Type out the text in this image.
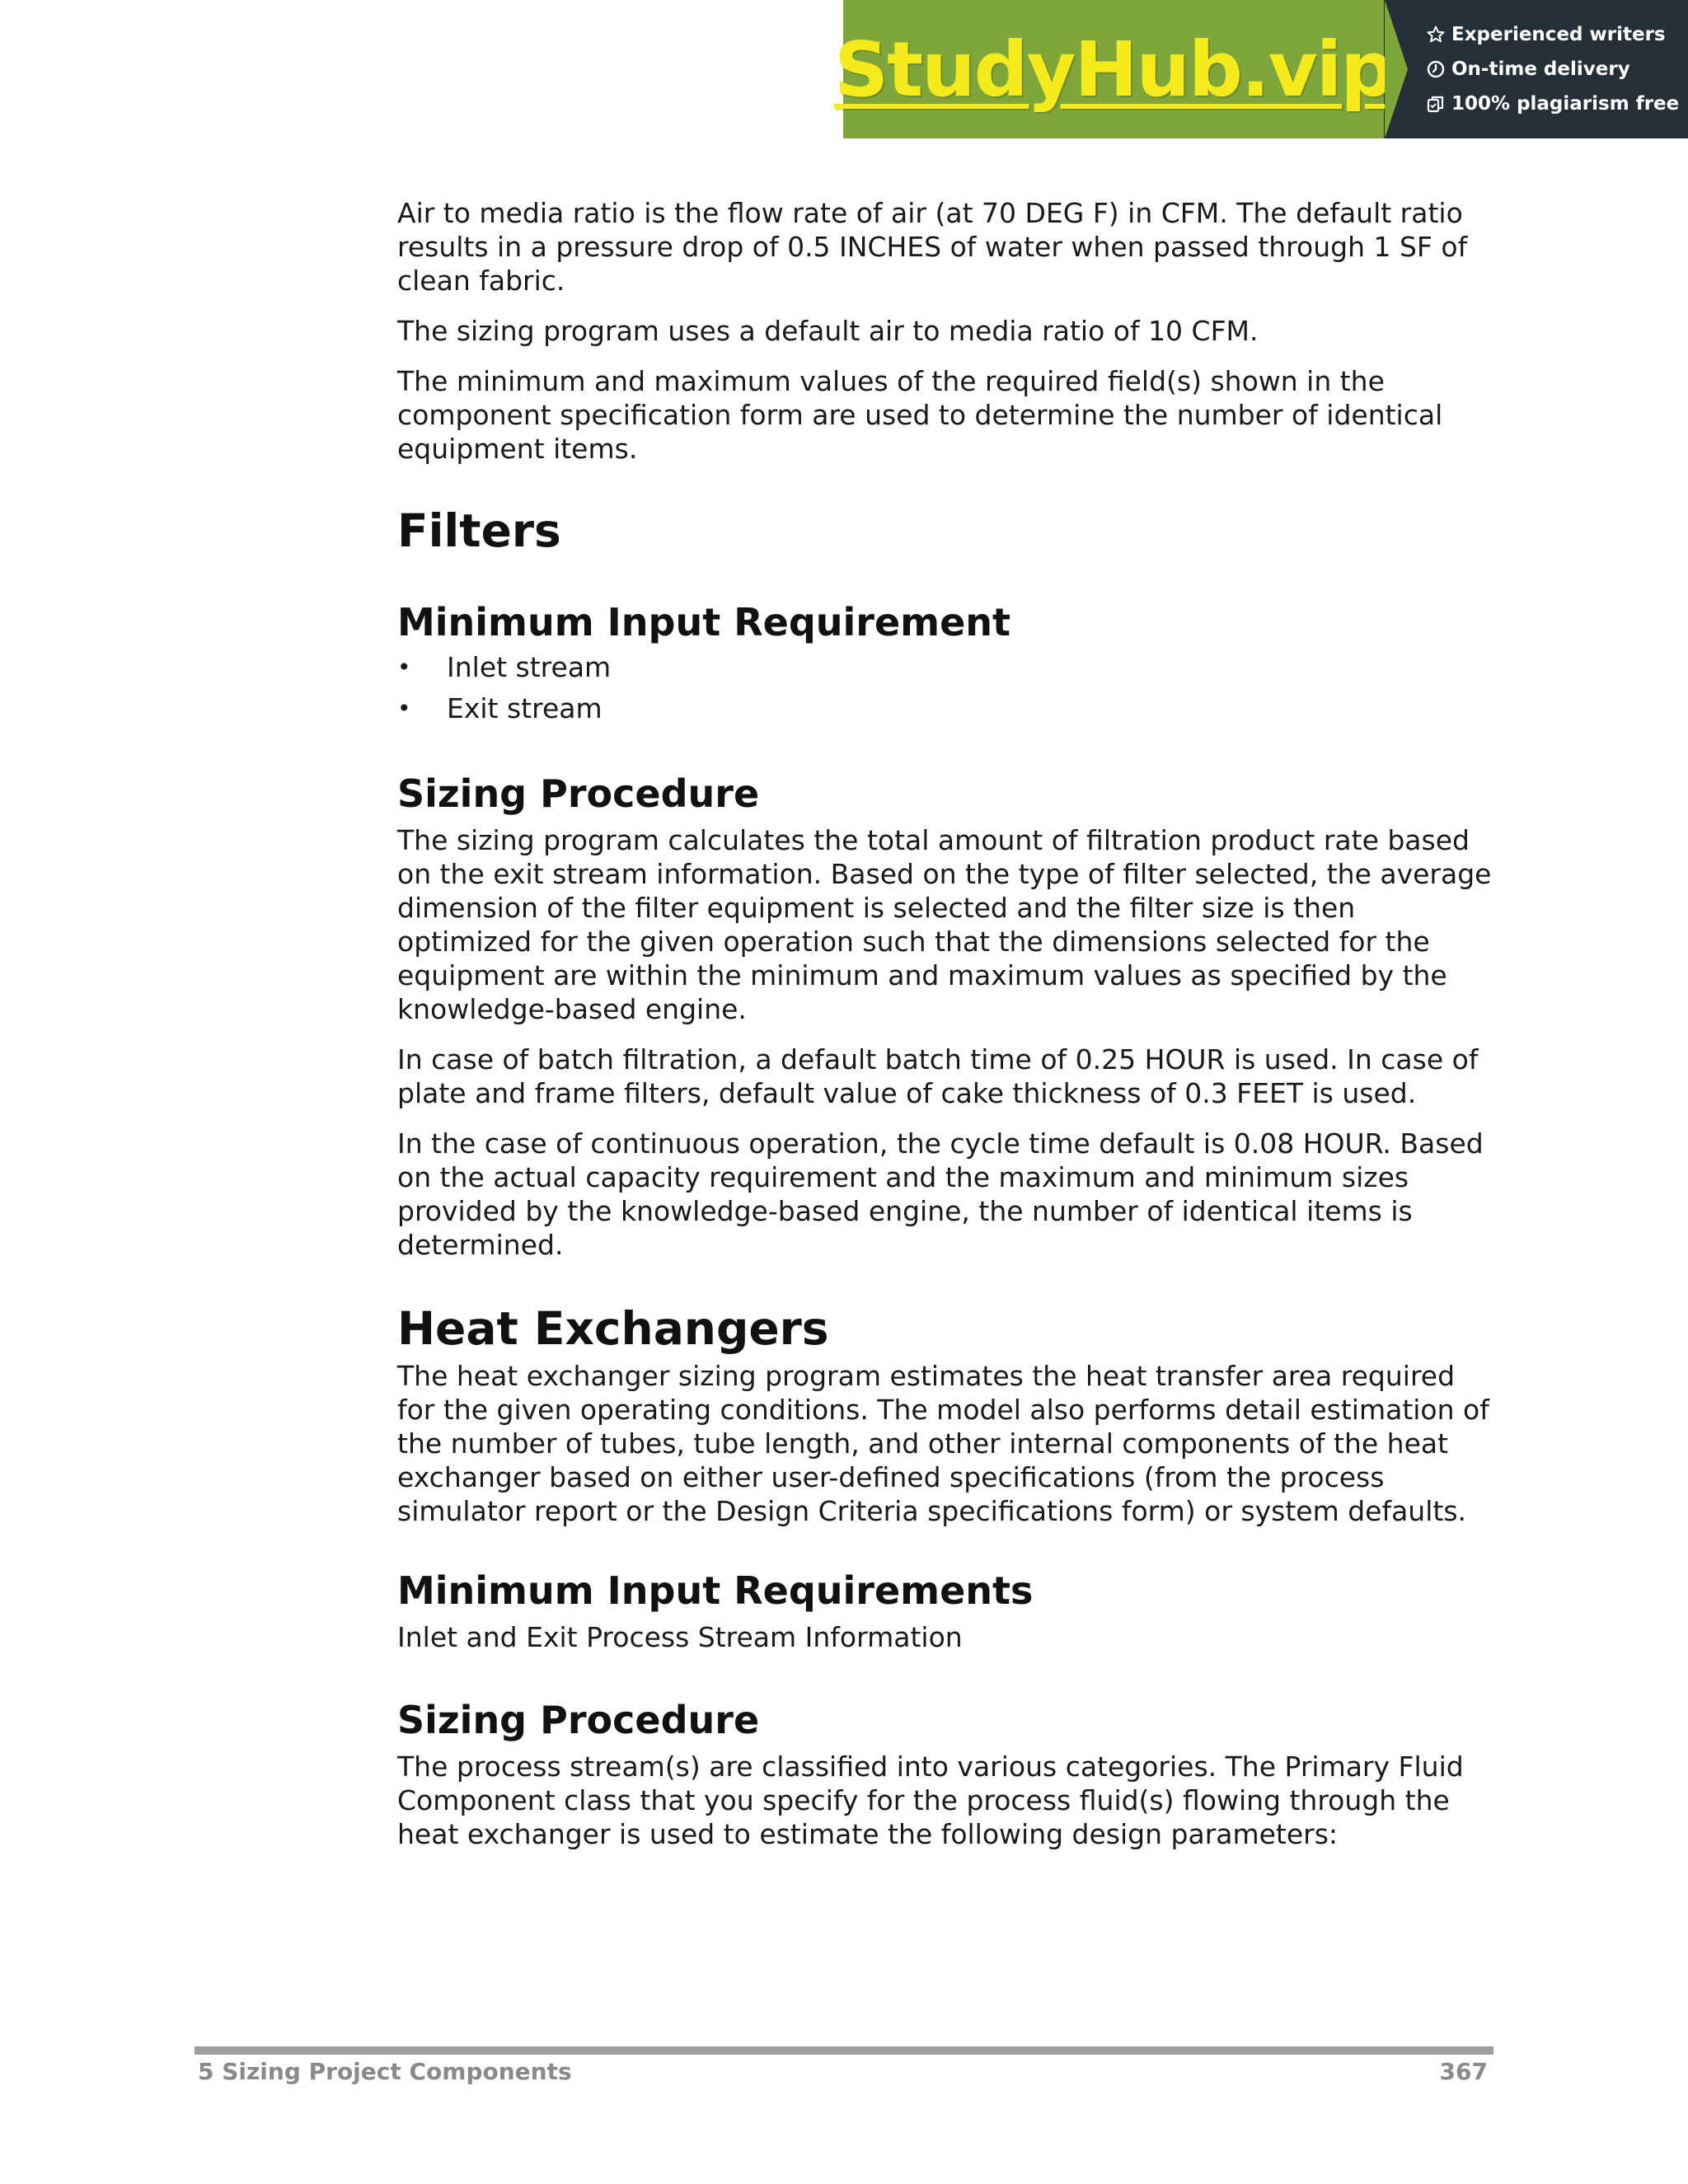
StudyHub.vip	Experienced writers
On-time delivery
100% plagiarism free

Air to media ratio is the flow rate of air (at 70 DEG F) in CFM. The default ratio results in a pressure drop of 0.5 INCHES of water when passed through 1 SF of clean fabric.

The sizing program uses a default air to media ratio of 10 CFM.

The minimum and maximum values of the required field(s) shown in the component specification form are used to determine the number of identical equipment items.

Filters
Minimum Input Requirement
•	Inlet stream
•	Exit stream
Sizing Procedure

The sizing program calculates the total amount of filtration product rate based on the exit stream information. Based on the type of filter selected, the average dimension of the filter equipment is selected and the filter size is then optimized for the given operation such that the dimensions selected for the equipment are within the minimum and maximum values as specified by the knowledge-based engine.

In case of batch filtration, a default batch time of 0.25 HOUR is used. In case of plate and frame filters, default value of cake thickness of 0.3 FEET is used.

In the case of continuous operation, the cycle time default is 0.08 HOUR. Based on the actual capacity requirement and the maximum and minimum sizes provided by the knowledge-based engine, the number of identical items is determined.

Heat Exchangers

The heat exchanger sizing program estimates the heat transfer area required for the given operating conditions. The model also performs detail estimation of the number of tubes, tube length, and other internal components of the heat exchanger based on either user-defined specifications (from the process simulator report or the Design Criteria specifications form) or system defaults.

Minimum Input Requirements

Inlet and Exit Process Stream Information

Sizing Procedure

The process stream(s) are classified into various categories. The Primary Fluid Component class that you specify for the process fluid(s) flowing through the heat exchanger is used to estimate the following design parameters:

5 Sizing Project Components	367
